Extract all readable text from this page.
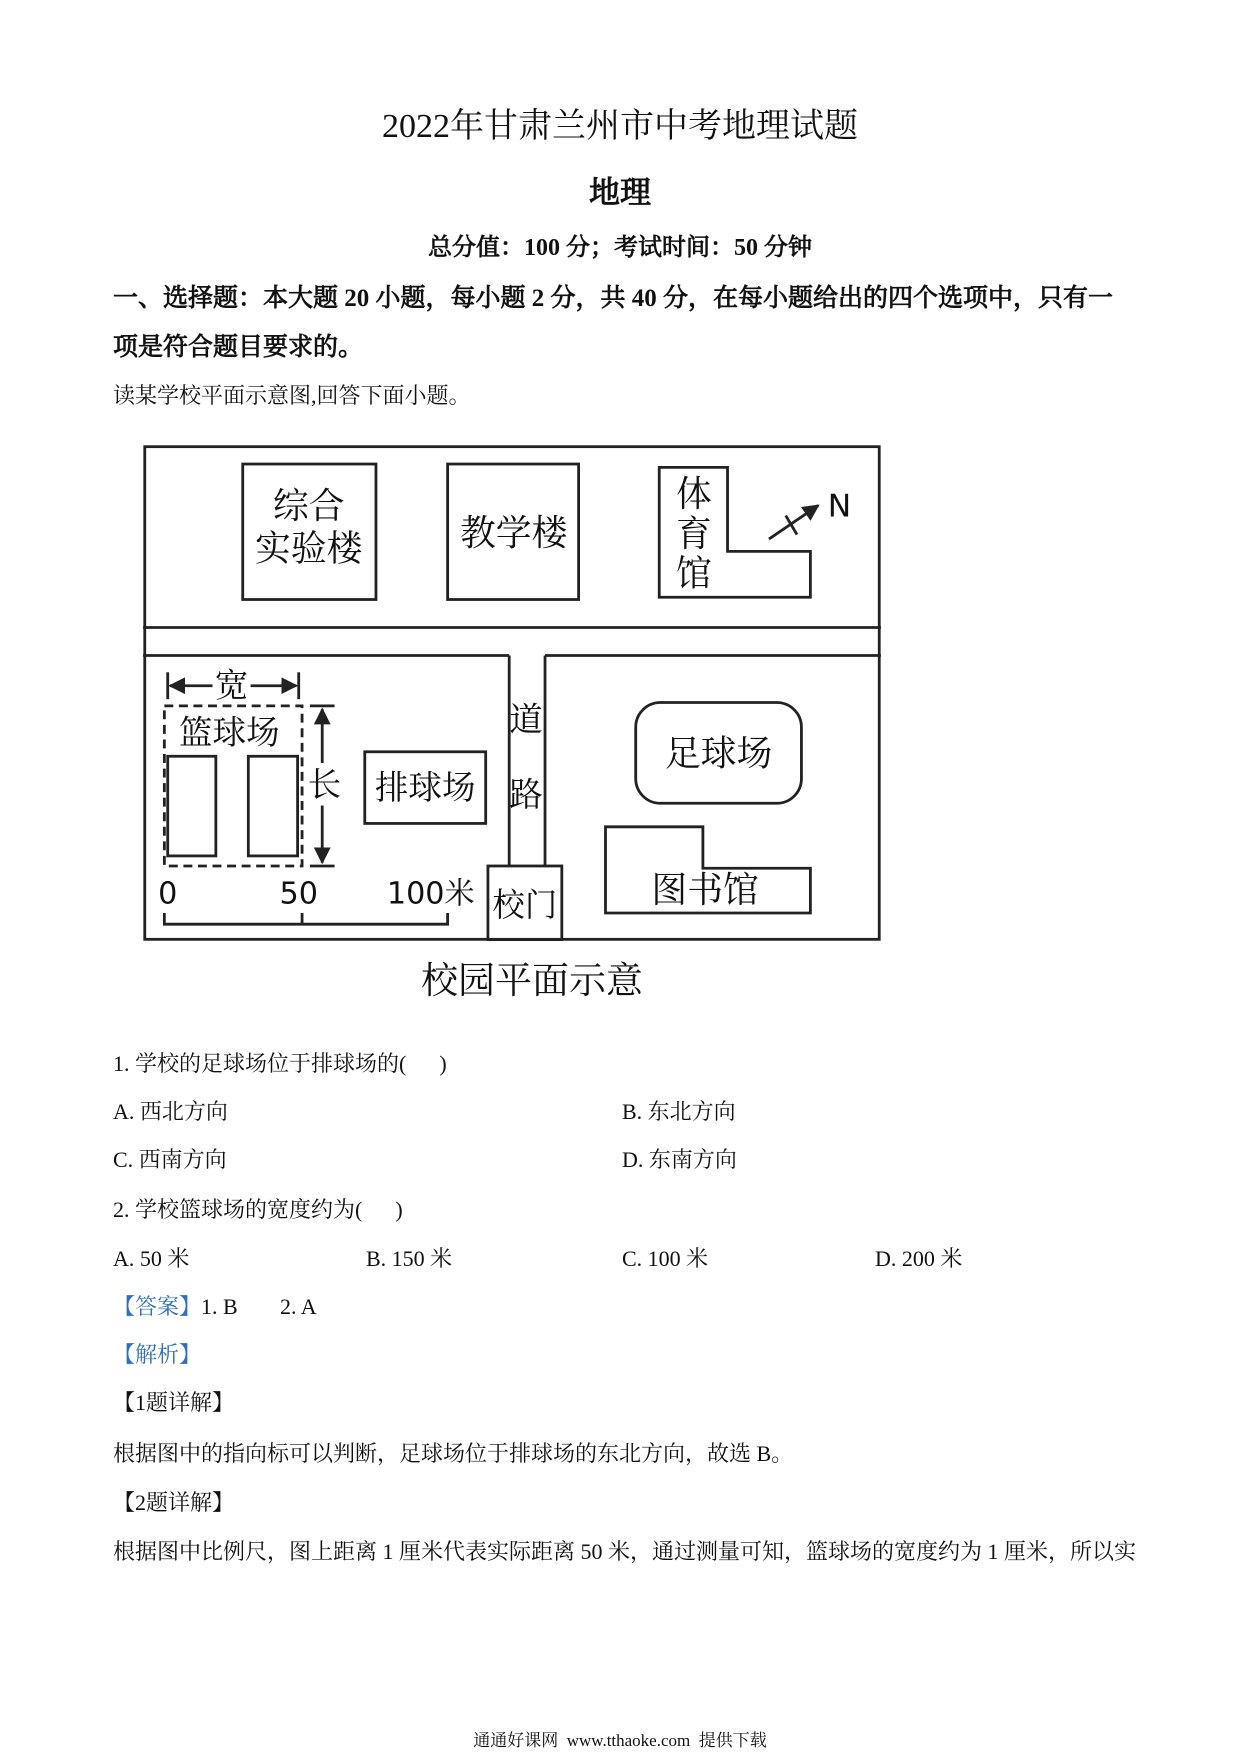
2022年甘肃兰州市中考地理试题
地理
总分值：100 分；考试时间：50 分钟
一、选择题：本大题 20 小题，每小题 2 分，共 40 分，在每小题给出的四个选项中，只有一
项是符合题目要求的。
读某学校平面示意图,回答下面小题。
道
路
校门
综合
实验楼	教学楼
体
育
馆
N
宽
篮球场
长 排球场
0	50	100米
足球场
图书馆
校园平面示意
1. 学校的足球场位于排球场的(      )
A. 西北方向	B. 东北方向
C. 西南方向	D. 东南方向
2. 学校篮球场的宽度约为(      )
A. 50 米	B. 150 米	C. 100 米	D. 200 米
【答案】 1. B 2. A
【解析】
【1题详解】
根据图中的指向标可以判断，足球场位于排球场的东北方向，故选 B。
【2题详解】
根据图中比例尺，图上距离 1 厘米代表实际距离 50 米，通过测量可知，篮球场的宽度约为 1 厘米，所以实
通通好课网  www.tthaoke.com  提供下载
